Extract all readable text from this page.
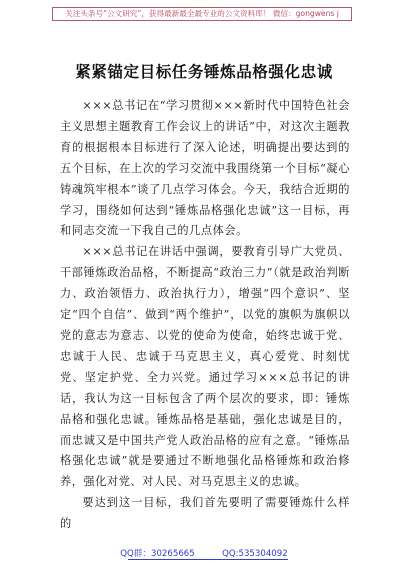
关注头条号“公文研究”，获得最新最全最专业的公文资料库！ 微信：gongwens j
紧紧锚定目标任务锤炼品格强化忠诚

×××总书记在“学习贯彻×××新时代中国特色社会主义思想主题教育工作会议上的讲话”中，对这次主题教育的根据根本目标进行了深入论述，明确提出要达到的五个目标，在上次的学习交流中我围绕第一个目标“凝心铸魂筑牢根本”谈了几点学习体会。今天，我结合近期的学习，围绕如何达到“锤炼品格强化忠诚”这一目标，再和同志交流一下我自己的几点体会。

×××总书记在讲话中强调，要教育引导广大党员、干部锤炼政治品格，不断提高“政治三力”（就是政治判断力、政治领悟力、政治执行力），增强“四个意识”、坚定“四个自信”、做到“两个维护”，以党的旗帜为旗帜以党的意志为意志、以党的使命为使命，始终忠诚于党、忠诚于人民、忠诚于马克思主义，真心爱党、时刻忧党、坚定护党、全力兴党。通过学习×××总书记的讲话，我认为这一目标包含了两个层次的要求，即：锤炼品格和强化忠诚。锤炼品格是基础，强化忠诚是目的，而忠诚又是中国共产党人政治品格的应有之意。“锤炼品格强化忠诚”就是要通过不断地强化品格锤炼和政治修养，强化对党、对人民、对马克思主义的忠诚。

要达到这一目标，我们首先要明了需要锤炼什么样的

QQ群：30265665	QQ:535304092
